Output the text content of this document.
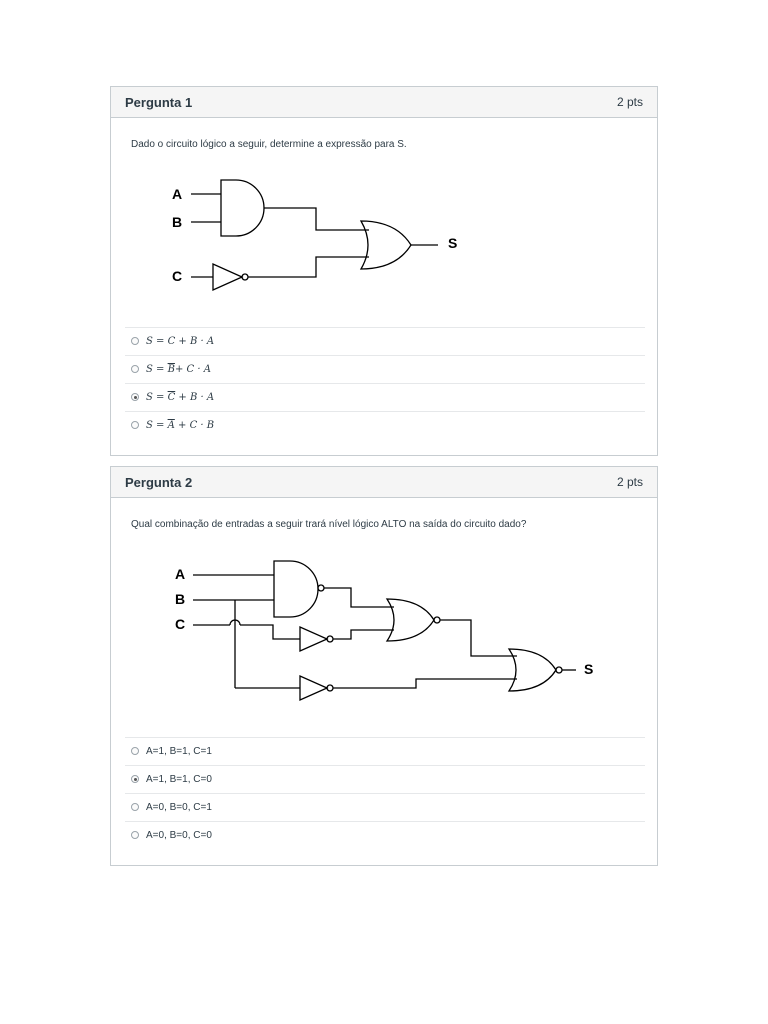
Pergunta 1	2 pts
Dado o circuito lógico a seguir, determine a expressão para S.
A
B
C
S
S = C + B · A
$S = \overline{B}+ C \cdot A$
$S = \overline{C} + B \cdot A$
$S = \overline{A} + C \cdot B$
Pergunta 2	2 pts
Qual combinação de entradas a seguir trará nível lógico ALTO na saída do circuito dado?
A
B
C
S
A=1, B=1, C=1
A=1, B=1, C=0
A=0, B=0, C=1
A=0, B=0, C=0
